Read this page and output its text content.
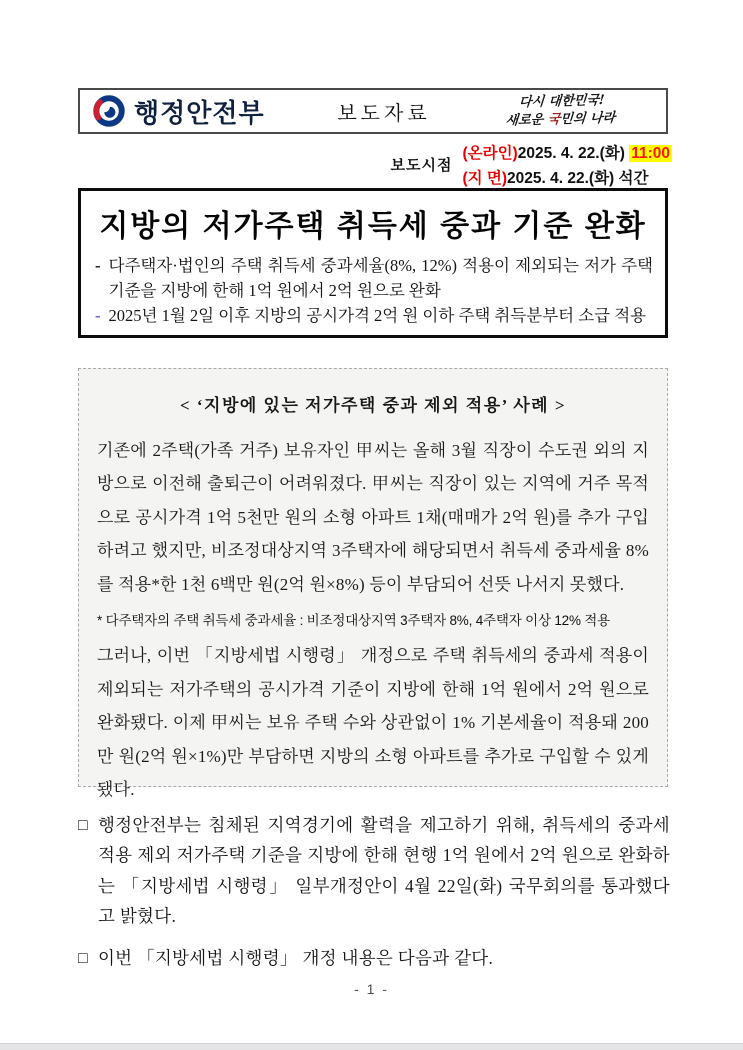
행정안전부	보도자료
다시 대한민국!
새로운 국민의 나라
보도시점
(온라인)2025. 4. 22.(화) 11:00
(지 면)2025. 4. 22.(화) 석간
지방의 저가주택 취득세 중과 기준 완화
- 다주택자·법인의 주택 취득세 중과세율(8%, 12%) 적용이 제외되는 저가 주택 기준을 지방에 한해 1억 원에서 2억 원으로 완화
- 2025년 1월 2일 이후 지방의 공시가격 2억 원 이하 주택 취득분부터 소급 적용
< ‘지방에 있는 저가주택 중과 제외 적용’ 사례 >

기존에 2주택(가족 거주) 보유자인 甲씨는 올해 3월 직장이 수도권 외의 지방으로 이전해 출퇴근이 어려워졌다. 甲씨는 직장이 있는 지역에 거주 목적으로 공시가격 1억 5천만 원의 소형 아파트 1채(매매가 2억 원)를 추가 구입하려고 했지만, 비조정대상지역 3주택자에 해당되면서 취득세 중과세율 8%를 적용*한 1천 6백만 원(2억 원×8%) 등이 부담되어 선뜻 나서지 못했다.

* 다주택자의 주택 취득세 중과세율 : 비조정대상지역 3주택자 8%, 4주택자 이상 12% 적용

그러나, 이번 「지방세법 시행령」 개정으로 주택 취득세의 중과세 적용이 제외되는 저가주택의 공시가격 기준이 지방에 한해 1억 원에서 2억 원으로 완화됐다. 이제 甲씨는 보유 주택 수와 상관없이 1% 기본세율이 적용돼 200만 원(2억 원×1%)만 부담하면 지방의 소형 아파트를 추가로 구입할 수 있게 됐다.

□ 행정안전부는 침체된 지역경기에 활력을 제고하기 위해, 취득세의 중과세 적용 제외 저가주택 기준을 지방에 한해 현행 1억 원에서 2억 원으로 완화하는 「지방세법 시행령」 일부개정안이 4월 22일(화) 국무회의를 통과했다고 밝혔다.
□ 이번 「지방세법 시행령」 개정 내용은 다음과 같다.
- 1 -
